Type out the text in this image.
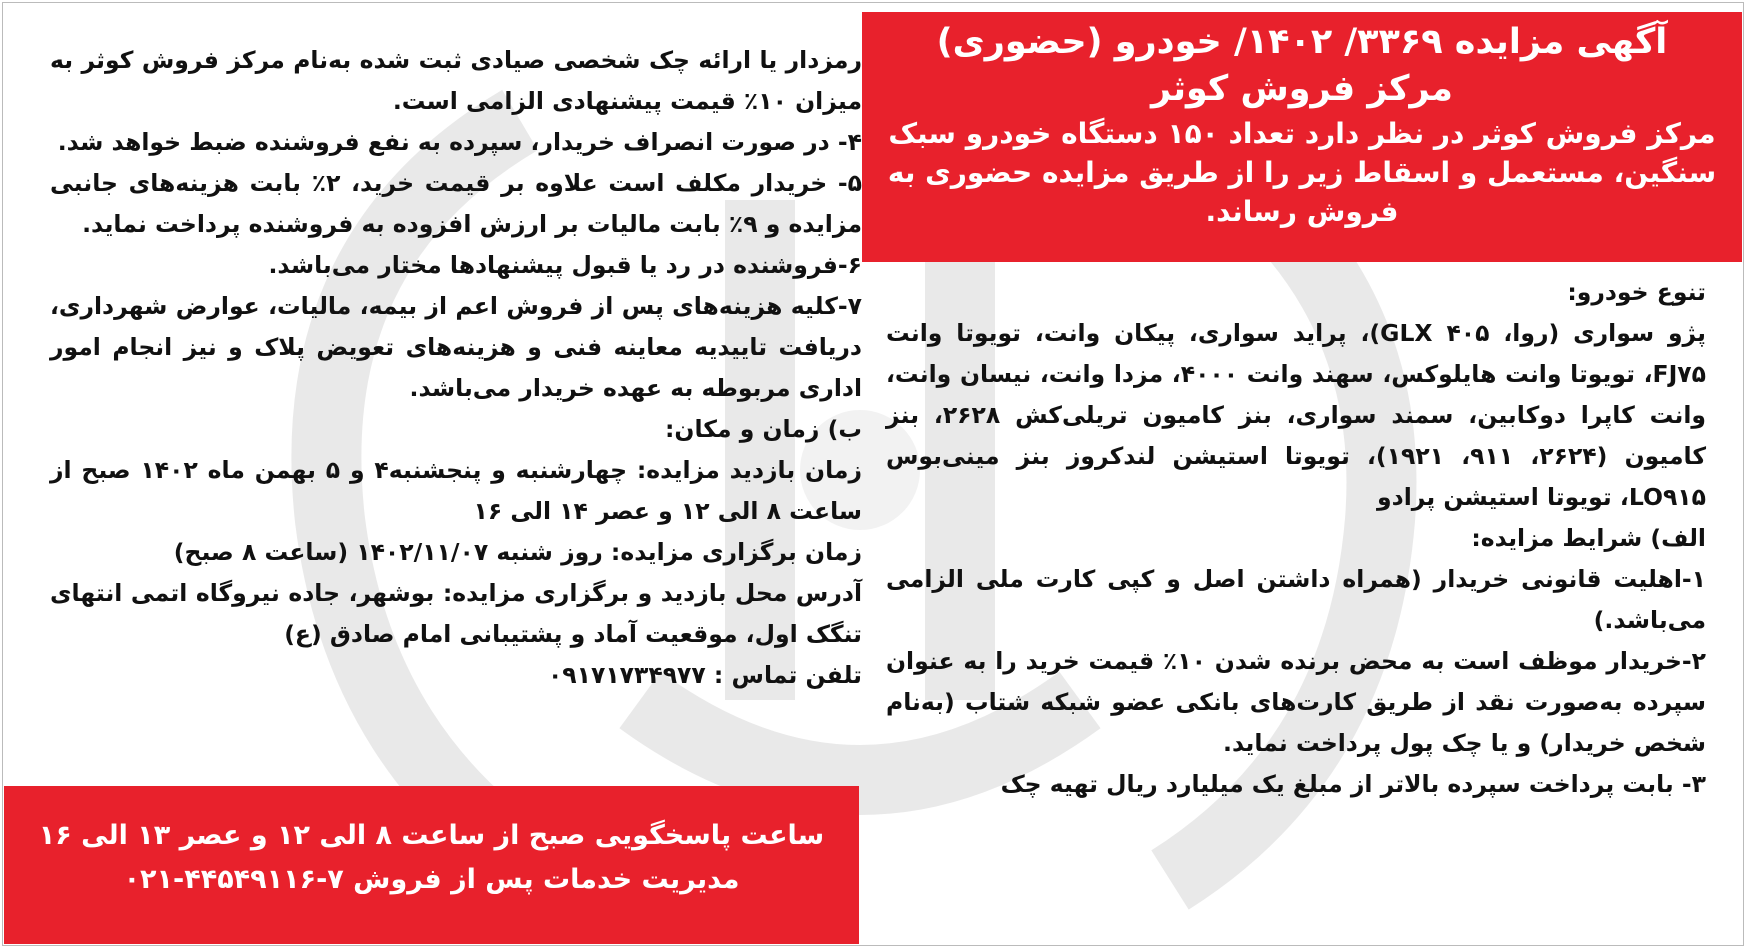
آگهی مزایده ۳۳۶۹/ ۱۴۰۲/ خودرو (حضوری)
مرکز فروش کوثر
مرکز فروش کوثر در نظر دارد تعداد ۱۵۰ دستگاه خودرو سبک سنگین، مستعمل و اسقاط زیر را از طریق مزایده حضوری به فروش رساند.

تنوع خودرو:

پژو سواری (روا، ۴۰۵ GLX)، پراید سواری، پیکان وانت، تویوتا وانت FJ۷۵، تویوتا وانت هایلوکس، سهند وانت ۴۰۰۰، مزدا وانت، نیسان وانت، وانت کاپرا دوکابین، سمند سواری، بنز کامیون تریلی‌کش ۲۶۲۸، بنز کامیون (۲۶۲۴، ۹۱۱، ۱۹۲۱)، تویوتا استیشن لندکروز بنز مینی‌بوس LO۹۱۵، تویوتا استیشن پرادو

الف) شرایط مزایده:

۱-اهلیت قانونی خریدار (همراه داشتن اصل و کپی کارت ملی الزامی می‌باشد.)

۲-خریدار موظف است به محض برنده شدن ۱۰٪ قیمت خرید را به عنوان سپرده به‌صورت نقد از طریق کارت‌های بانکی عضو شبکه شتاب (به‌نام شخص خریدار) و یا چک پول پرداخت نماید.

۳- بابت پرداخت سپرده بالاتر از مبلغ یک میلیارد ریال تهیه چک

رمزدار یا ارائه چک شخصی صیادی ثبت شده به‌نام مرکز فروش کوثر به میزان ۱۰٪ قیمت پیشنهادی الزامی است.

۴- در صورت انصراف خریدار، سپرده به نفع فروشنده ضبط خواهد شد.

۵- خریدار مکلف است علاوه بر قیمت خرید، ۲٪ بابت هزینه‌های جانبی مزایده و ۹٪ بابت مالیات بر ارزش افزوده به فروشنده پرداخت نماید.

۶-فروشنده در رد یا قبول پیشنهادها مختار می‌باشد.

۷-کلیه هزینه‌های پس از فروش اعم از بیمه، مالیات، عوارض شهرداری، دریافت تاییدیه معاینه فنی و هزینه‌های تعویض پلاک و نیز انجام امور اداری مربوطه به عهده خریدار می‌باشد.

ب) زمان و مکان:

زمان بازدید مزایده: چهارشنبه و پنجشنبه۴ و ۵ بهمن ماه ۱۴۰۲ صبح از ساعت ۸ الی ۱۲ و عصر ۱۴ الی ۱۶

زمان برگزاری مزایده: روز شنبه ۱۴۰۲/۱۱/۰۷ (ساعت ۸ صبح)

آدرس محل بازدید و برگزاری مزایده: بوشهر، جاده نیروگاه اتمی انتهای تنگک اول، موقعیت آماد و پشتیبانی امام صادق (ع)

تلفن تماس : ۰۹۱۷۱۷۳۴۹۷۷

ساعت پاسخگویی صبح از ساعت ۸ الی ۱۲ و عصر ۱۳ الی ۱۶
مدیریت خدمات پس از فروش ۷-۴۴۵۴۹۱۱۶-۰۲۱
